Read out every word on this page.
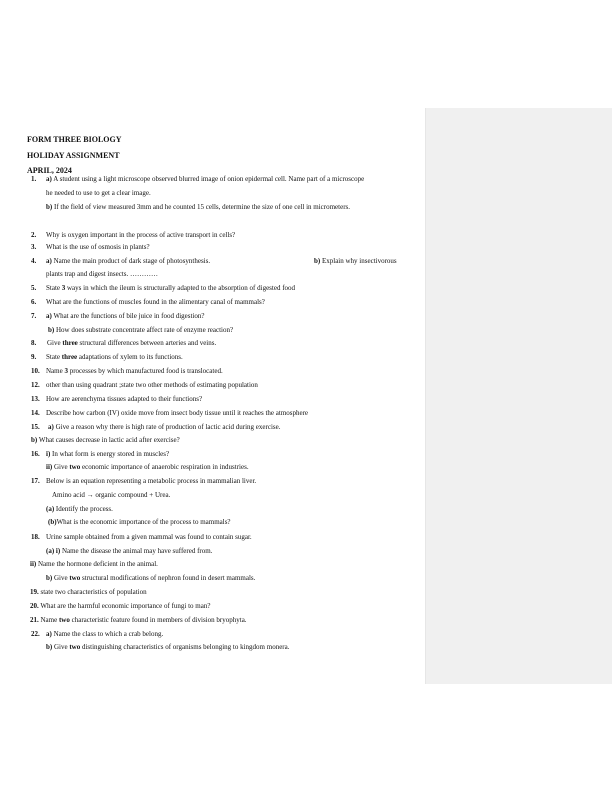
FORM THREE BIOLOGY
HOLIDAY ASSIGNMENT
APRIL, 2024
1. a) A student using a light microscope observed blurred image of onion epidermal cell. Name part of a microscope
he needed to use to get a clear image.
b) If the field of view measured 3mm and he counted 15 cells, determine the size of one cell in micrometers.
2. Why is oxygen important in the process of active transport in cells?
3. What is the use of osmosis in plants?
4. a) Name the main product of dark stage of photosynthesis.	b) Explain why insectivorous
plants trap and digest insects. …………
5. State 3 ways in which the ileum is structurally adapted to the absorption of digested food
6. What are the functions of muscles found in the alimentary canal of mammals?
7. a) What are the functions of bile juice in food digestion?
b) How does substrate concentrate affect rate of enzyme reaction?
8. Give three structural differences between arteries and veins.
9. State three adaptations of xylem to its functions.
10. Name 3 processes by which manufactured food is translocated.
12. other than using quadrant ;state two other methods of estimating population
13. How are aerenchyma tissues adapted to their functions?
14. Describe how carbon (IV) oxide move from insect body tissue until it reaches the atmosphere
15. a) Give a reason why there is high rate of production of lactic acid during exercise.
b) What causes decrease in lactic acid after exercise?
16. i) In what form is energy stored in muscles?
ii) Give two economic importance of anaerobic respiration in industries.
17. Below is an equation representing a metabolic process in mammalian liver.
Amino acid → organic compound + Urea.
(a) Identify the process.
(b)What is the economic importance of the process to mammals?
18. Urine sample obtained from a given mammal was found to contain sugar.
(a) i) Name the disease the animal may have suffered from.
ii) Name the hormone deficient in the animal.
b) Give two structural modifications of nephron found in desert mammals.
19. state two characteristics of population
20. What are the harmful economic importance of fungi to man?
21. Name two characteristic feature found in members of division bryophyta.
22. a) Name the class to which a crab belong.
b) Give two distinguishing characteristics of organisms belonging to kingdom monera.
